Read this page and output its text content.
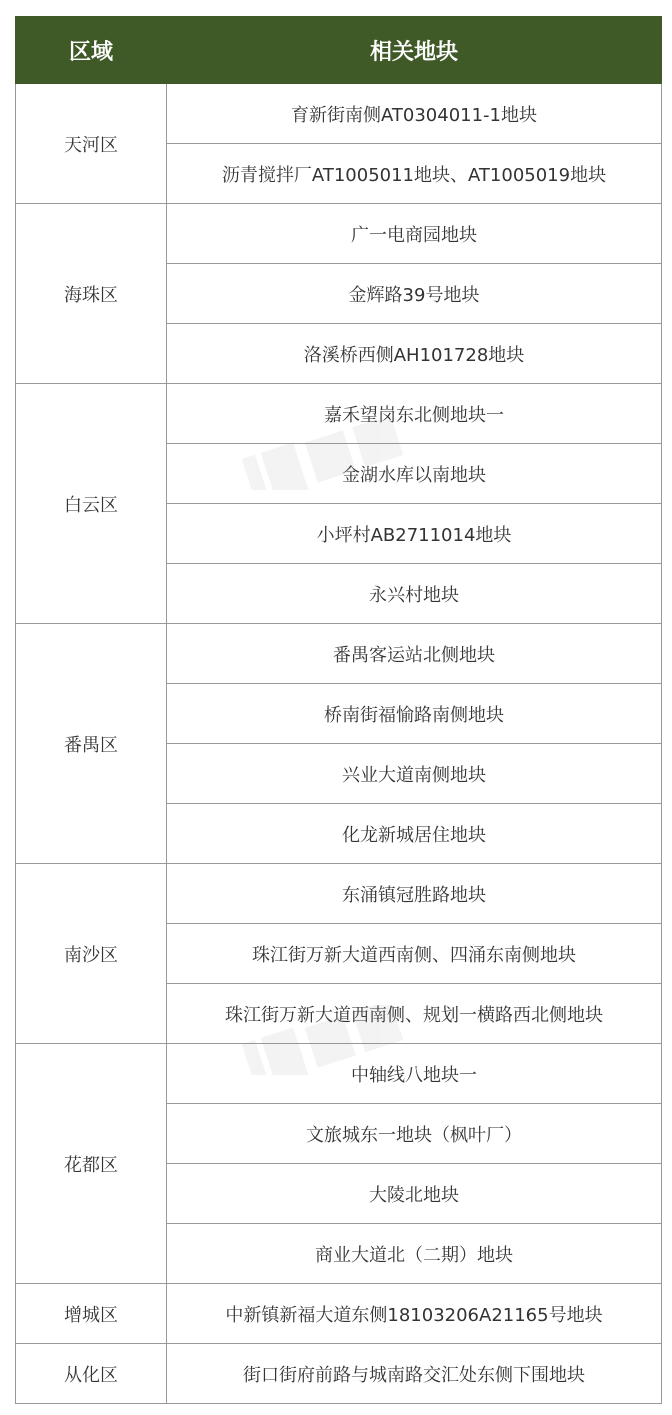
区域	相关地块
天河区	育新街南侧AT0304011-1地块
	沥青搅拌厂AT1005011地块、AT1005019地块
海珠区	广一电商园地块
	金辉路39号地块
	洛溪桥西侧AH101728地块
白云区	嘉禾望岗东北侧地块一
	金湖水库以南地块
	小坪村AB2711014地块
	永兴村地块
番禺区	番禺客运站北侧地块
	桥南街福愉路南侧地块
	兴业大道南侧地块
	化龙新城居住地块
南沙区	东涌镇冠胜路地块
	珠江街万新大道西南侧、四涌东南侧地块
	珠江街万新大道西南侧、规划一横路西北侧地块
花都区	中轴线八地块一
	文旅城东一地块（枫叶厂）
	大陵北地块
	商业大道北（二期）地块
增城区	中新镇新福大道东侧18103206A21165号地块
从化区	街口街府前路与城南路交汇处东侧下围地块
